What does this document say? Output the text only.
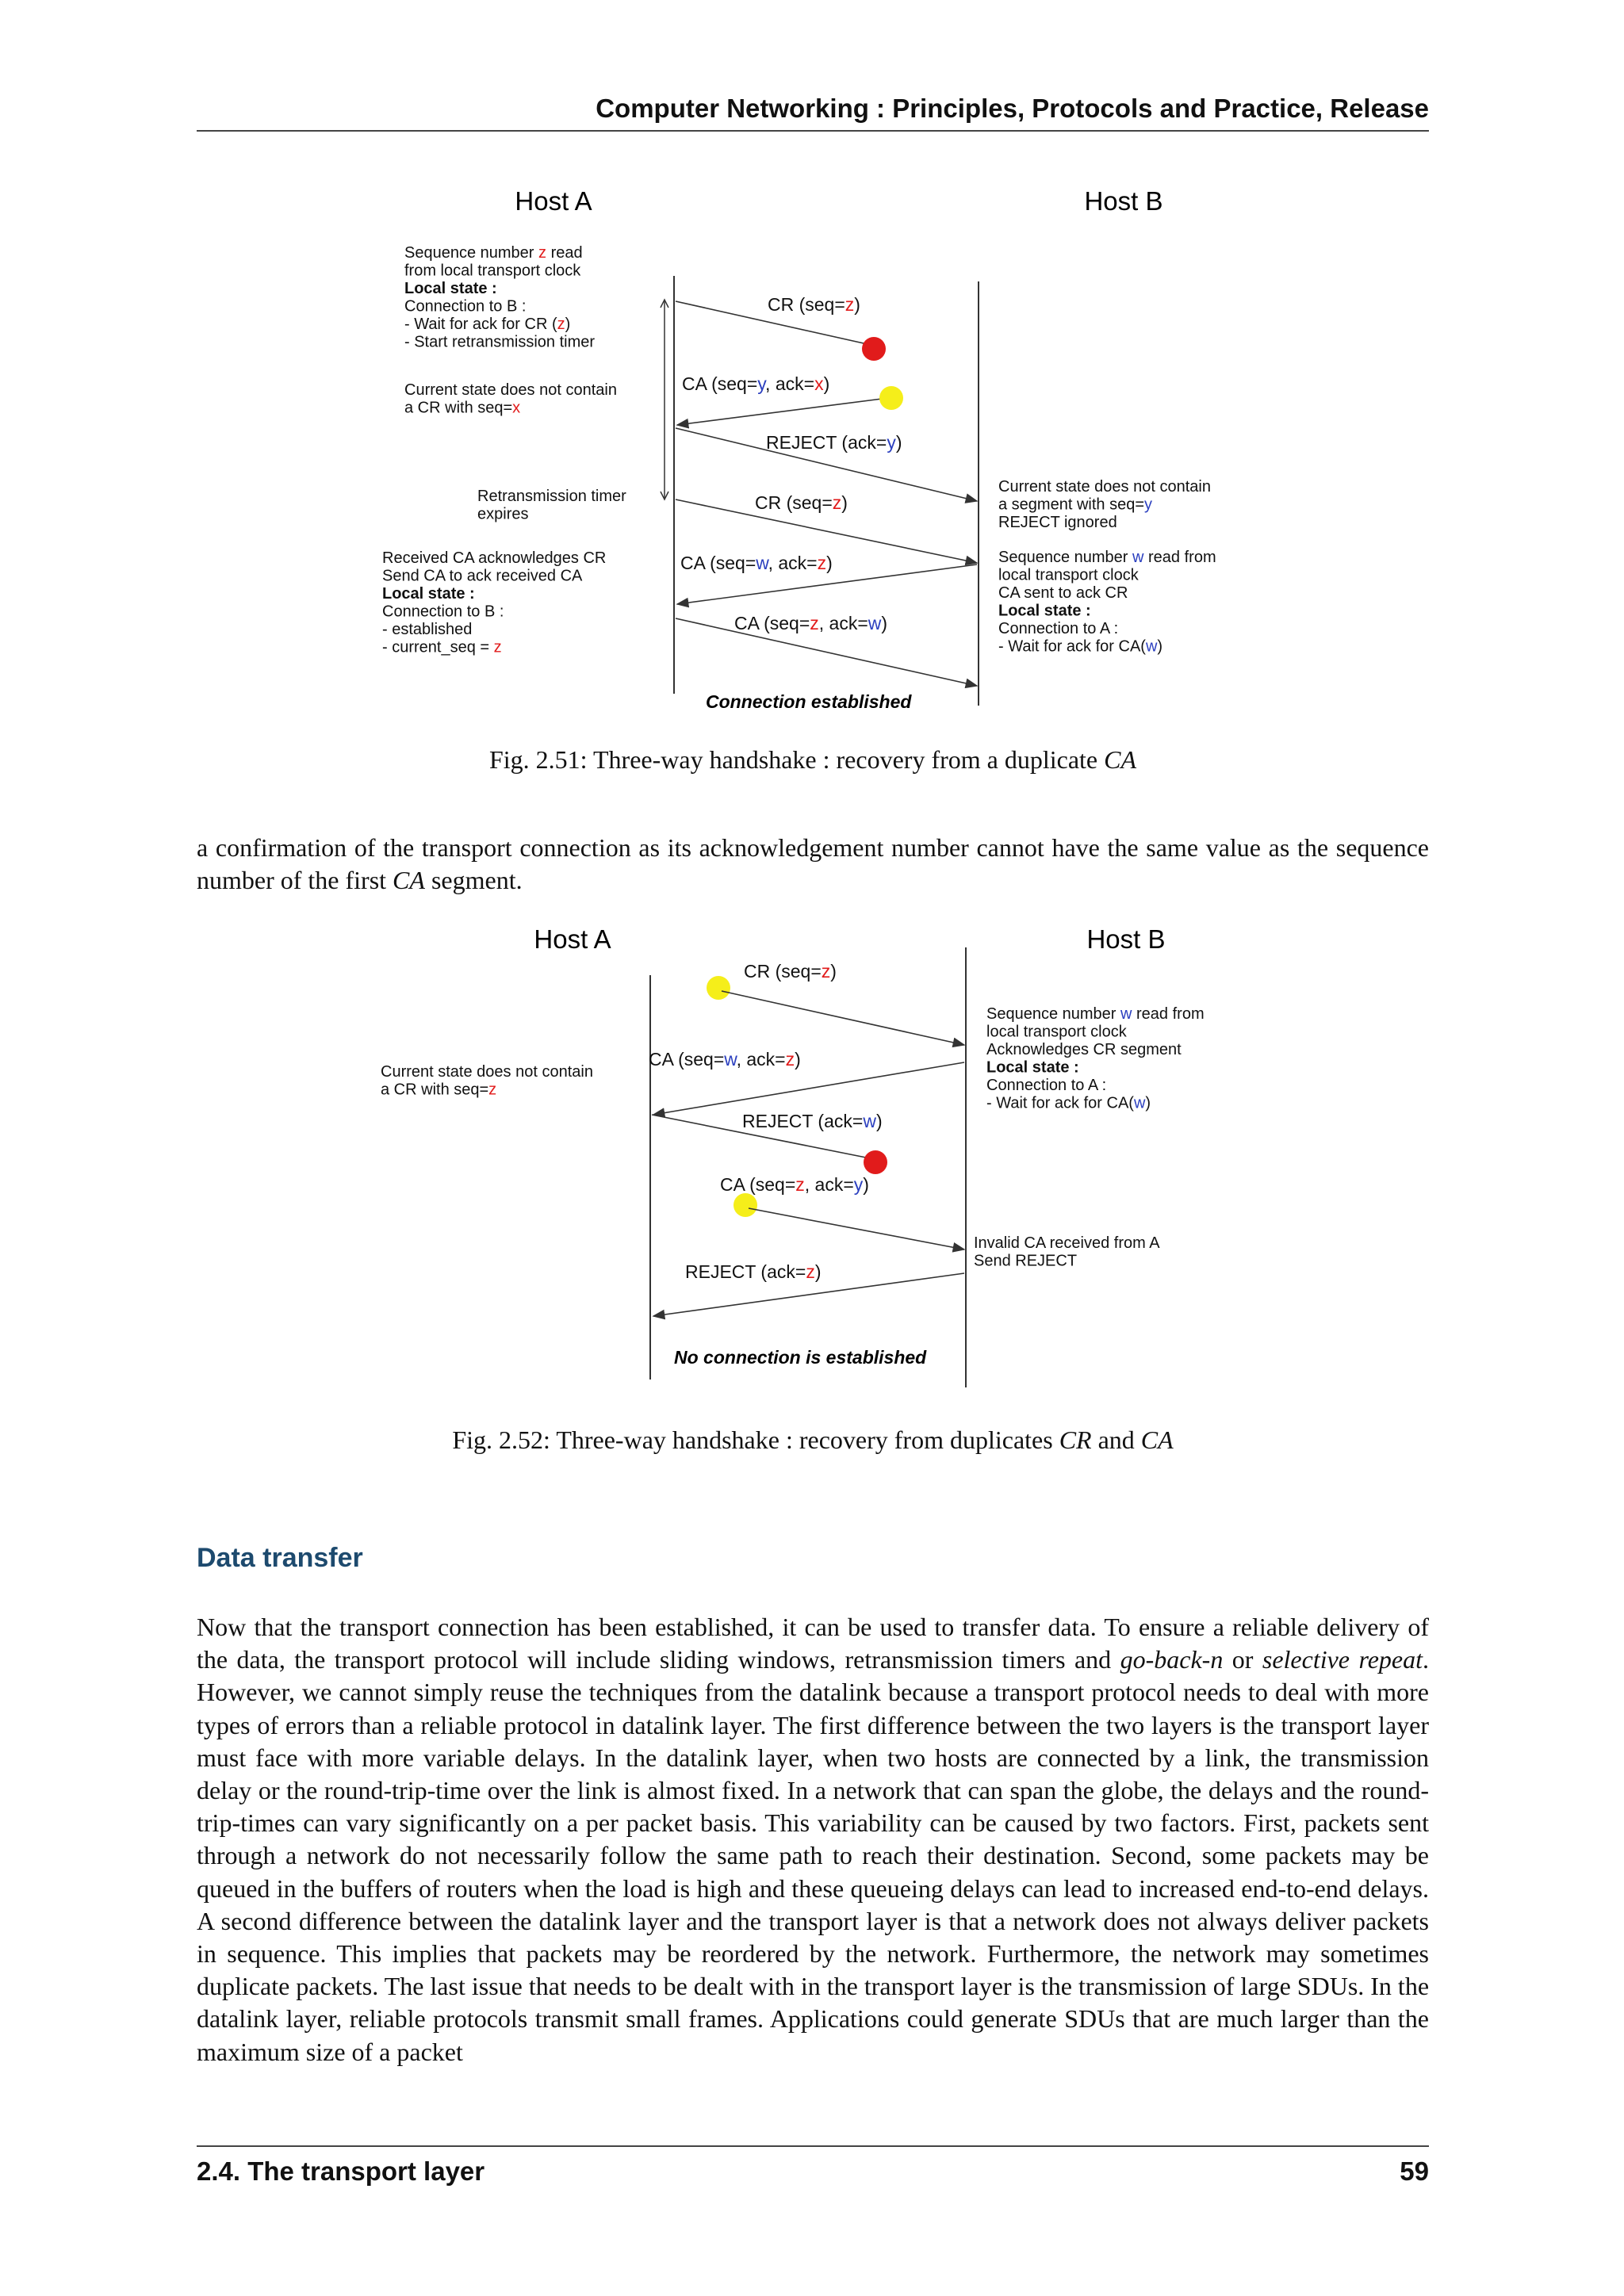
Computer Networking : Principles, Protocols and Practice, Release
Host A	Host B
CR (seq=z)
CA (seq=y, ack=x)
REJECT (ack=y)
CR (seq=z)
CA (seq=w, ack=z)
CA (seq=z, ack=w)
Connection established
Sequence number z read
from local transport clock
Local state :
Connection to B :
- Wait for ack for CR (z)
- Start retransmission timer
Current state does not contain
a CR with seq=x
Retransmission timer
expires
Received CA acknowledges CR
Send CA to ack received CA
Local state :
Connection to B :
- established
- current_seq = z
Current state does not contain
a segment with seq=y
REJECT ignored
Sequence number w read from
local transport clock
CA sent to ack CR
Local state :
Connection to A :
- Wait for ack for CA(w)
Fig. 2.51: Three-way handshake : recovery from a duplicate CA

a confirmation of the transport connection as its acknowledgement number cannot have the same value as the sequence number of the first CA segment.

Host A	Host B
CR (seq=z)
CA (seq=w, ack=z)
REJECT (ack=w)
CA (seq=z, ack=y)
REJECT (ack=z)
No connection is established
Current state does not contain
a CR with seq=z
Sequence number w read from
local transport clock
Acknowledges CR segment
Local state :
Connection to A :
- Wait for ack for CA(w)
Invalid CA received from A
Send REJECT
Fig. 2.52: Three-way handshake : recovery from duplicates CR and CA
Data transfer

Now that the transport connection has been established, it can be used to transfer data. To ensure a reliable delivery of the data, the transport protocol will include sliding windows, retransmission timers and go-back-n or selective repeat. However, we cannot simply reuse the techniques from the datalink because a transport protocol needs to deal with more types of errors than a reliable protocol in datalink layer. The first difference between the two layers is the transport layer must face with more variable delays. In the datalink layer, when two hosts are connected by a link, the transmission delay or the round-trip-time over the link is almost fixed. In a network that can span the globe, the delays and the round-trip-times can vary significantly on a per packet basis. This variability can be caused by two factors. First, packets sent through a network do not necessarily follow the same path to reach their destination. Second, some packets may be queued in the buffers of routers when the load is high and these queueing delays can lead to increased end-to-end delays. A second difference between the datalink layer and the transport layer is that a network does not always deliver packets in sequence. This implies that packets may be reordered by the network. Furthermore, the network may sometimes duplicate packets. The last issue that needs to be dealt with in the transport layer is the transmission of large SDUs. In the datalink layer, reliable protocols transmit small frames. Applications could generate SDUs that are much larger than the maximum size of a packet

2.4. The transport layer	59
